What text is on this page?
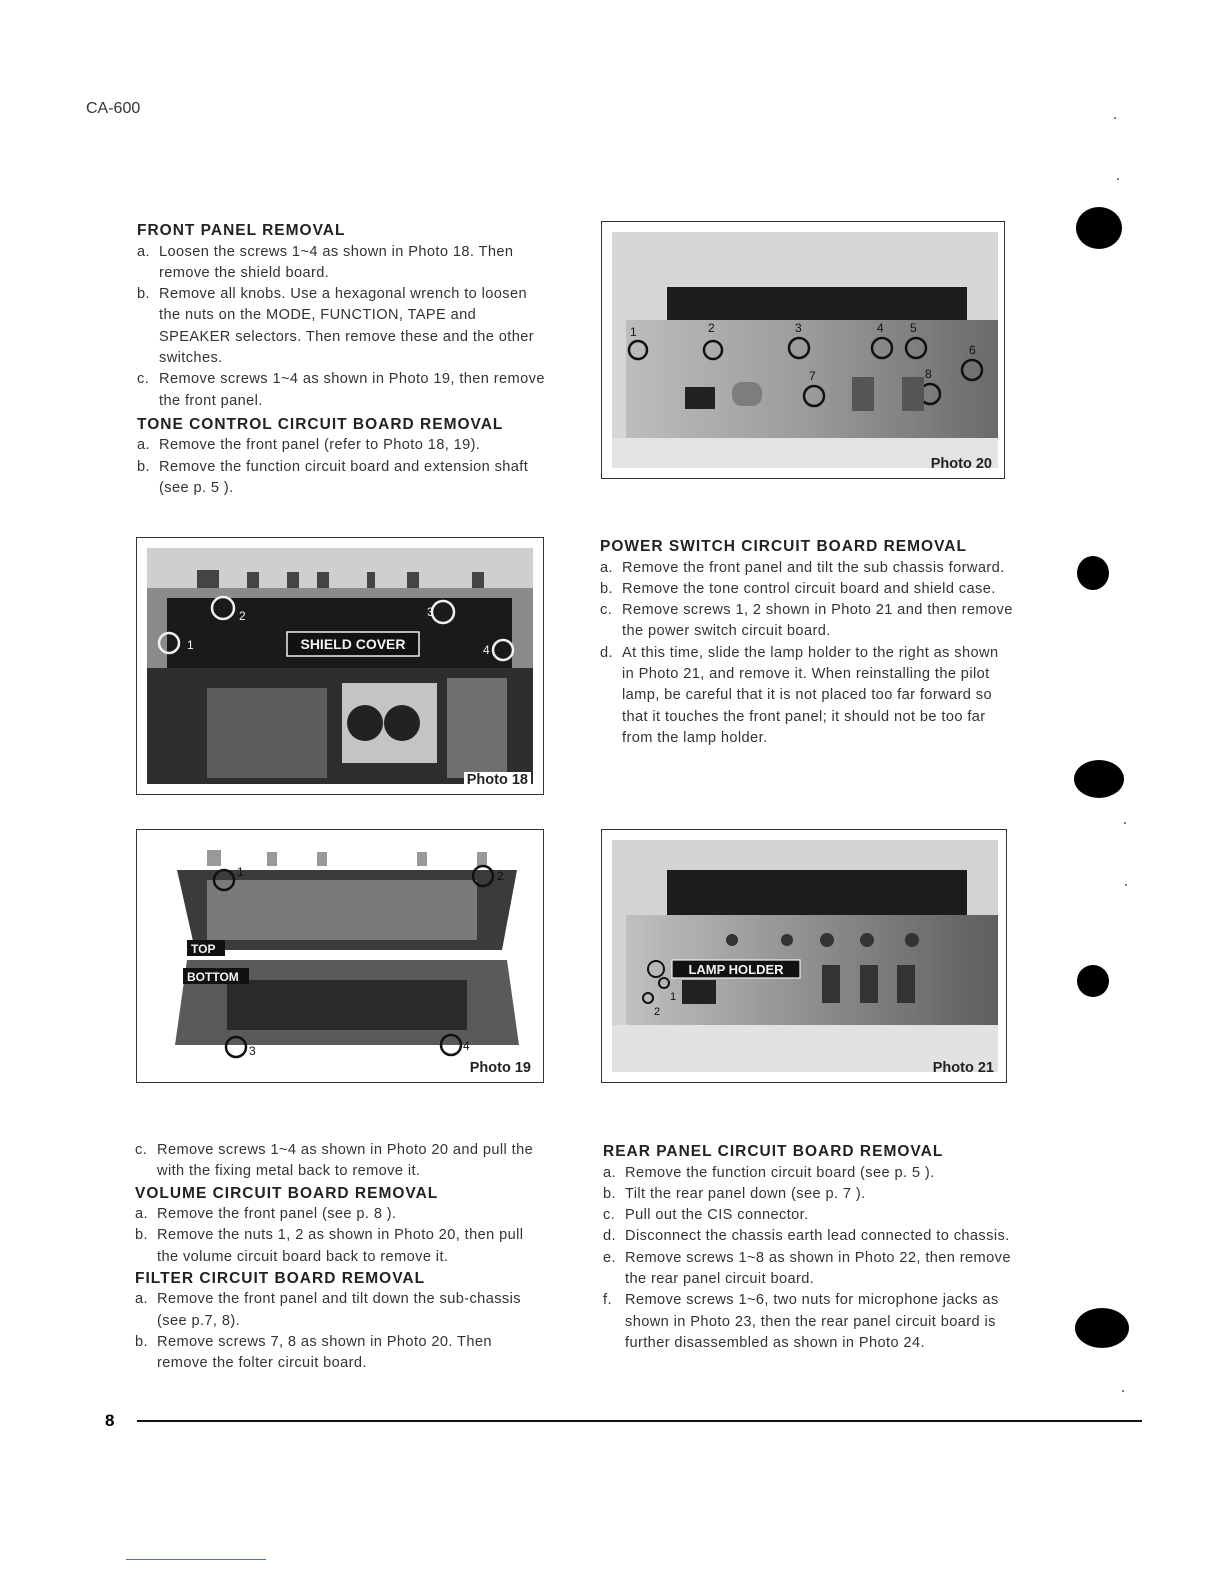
CA-600
FRONT PANEL REMOVAL
a. Loosen the screws 1~4 as shown in Photo 18. Then remove the shield board.
b. Remove all knobs. Use a hexagonal wrench to loosen the nuts on the MODE, FUNCTION, TAPE and SPEAKER selectors. Then remove these and the other switches.
c. Remove screws 1~4 as shown in Photo 19, then remove the front panel.
TONE CONTROL CIRCUIT BOARD REMOVAL
a. Remove the front panel (refer to Photo 18, 19).
b. Remove the function circuit board and extension shaft (see p. 5 ).
1	2	3	4 5
6
7	8
Photo 20
POWER SWITCH CIRCUIT BOARD REMOVAL
a. Remove the front panel and tilt the sub chassis forward.
b. Remove the tone control circuit board and shield case.
c. Remove screws 1, 2 shown in Photo 21 and then remove the power switch circuit board.
d. At this time, slide the lamp holder to the right as shown in Photo 21, and remove it. When reinstalling the pilot lamp, be careful that it is not placed too far forward so that it touches the front panel; it should not be too far from the lamp holder.
SHIELD COVER
1
2	3
4
Photo 18
TOP
BOTTOM
1	2
3	4
Photo 19
LAMP HOLDER
1
2
Photo 21
c. Remove screws 1~4 as shown in Photo 20 and pull the with the fixing metal back to remove it.
VOLUME CIRCUIT BOARD REMOVAL
a. Remove the front panel (see p. 8 ).
b. Remove the nuts 1, 2 as shown in Photo 20, then pull the volume circuit board back to remove it.
FILTER CIRCUIT BOARD REMOVAL
a. Remove the front panel and tilt down the sub-chassis (see p.7, 8).
b. Remove screws 7, 8 as shown in Photo 20. Then remove the folter circuit board.
REAR PANEL CIRCUIT BOARD REMOVAL
a. Remove the function circuit board (see p. 5 ).
b. Tilt the rear panel down (see p. 7 ).
c. Pull out the CIS connector.
d. Disconnect the chassis earth lead connected to chassis.
e. Remove screws 1~8 as shown in Photo 22, then remove the rear panel circuit board.
f. Remove screws 1~6, two nuts for microphone jacks as shown in Photo 23, then the rear panel circuit board is further disassembled as shown in Photo 24.
8
